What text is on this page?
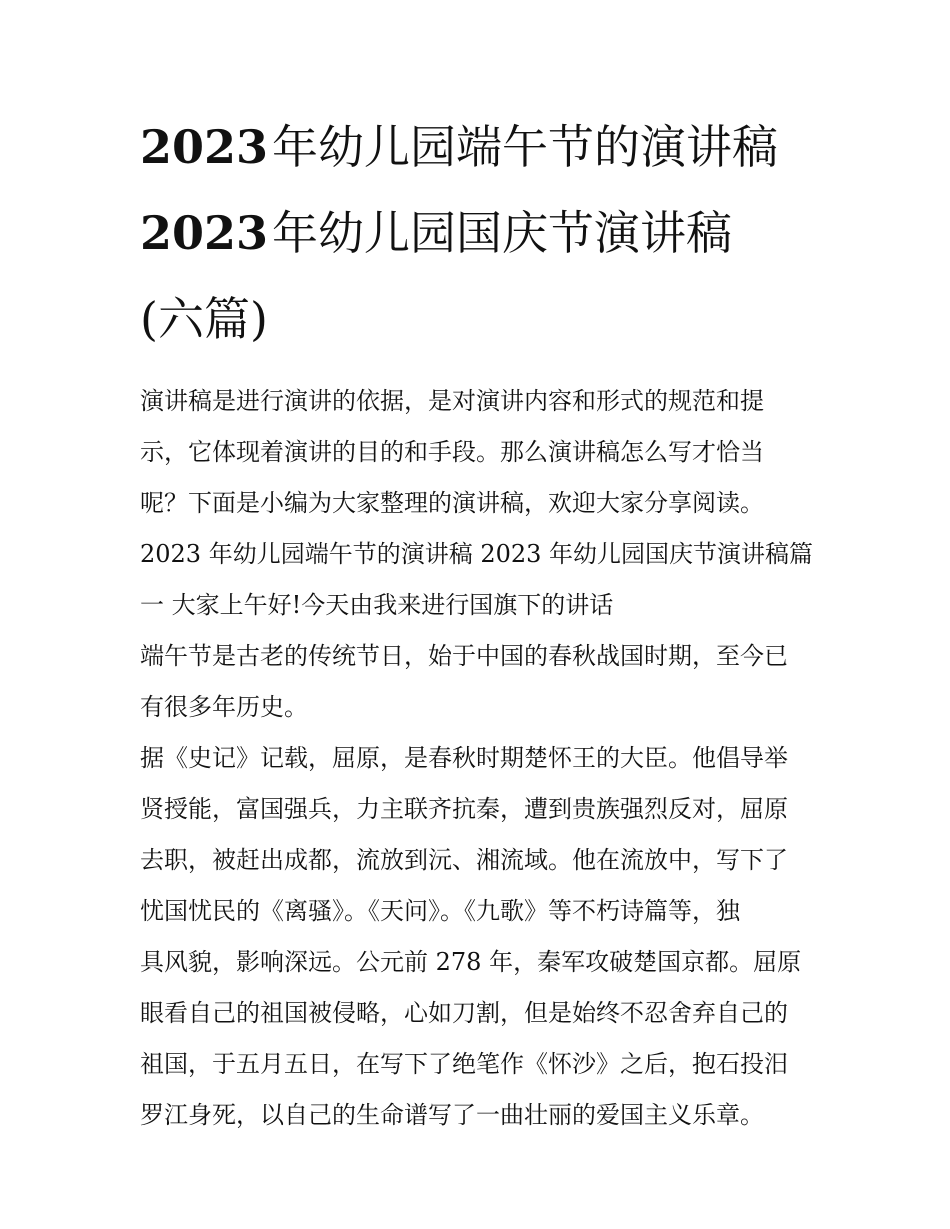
2023年幼儿园端午节的演讲稿
2023年幼儿园国庆节演讲稿
(六篇)

演讲稿是进行演讲的依据，是对演讲内容和形式的规范和提
示，它体现着演讲的目的和手段。那么演讲稿怎么写才恰当
呢？下面是小编为大家整理的演讲稿，欢迎大家分享阅读。

2023 年幼儿园端午节的演讲稿 2023 年幼儿园国庆节演讲稿篇
一 大家上午好!今天由我来进行国旗下的讲话

端午节是古老的传统节日，始于中国的春秋战国时期，至今已
有很多年历史。

据《史记》记载，屈原，是春秋时期楚怀王的大臣。他倡导举
贤授能，富国强兵，力主联齐抗秦，遭到贵族强烈反对，屈原
去职，被赶出成都，流放到沅、湘流域。他在流放中，写下了
忧国忧民的《离骚》。《天问》。《九歌》等不朽诗篇等，独
具风貌，影响深远。公元前 278 年，秦军攻破楚国京都。屈原
眼看自己的祖国被侵略，心如刀割，但是始终不忍舍弃自己的
祖国，于五月五日，在写下了绝笔作《怀沙》之后，抱石投汨
罗江身死，以自己的生命谱写了一曲壮丽的爱国主义乐章。
